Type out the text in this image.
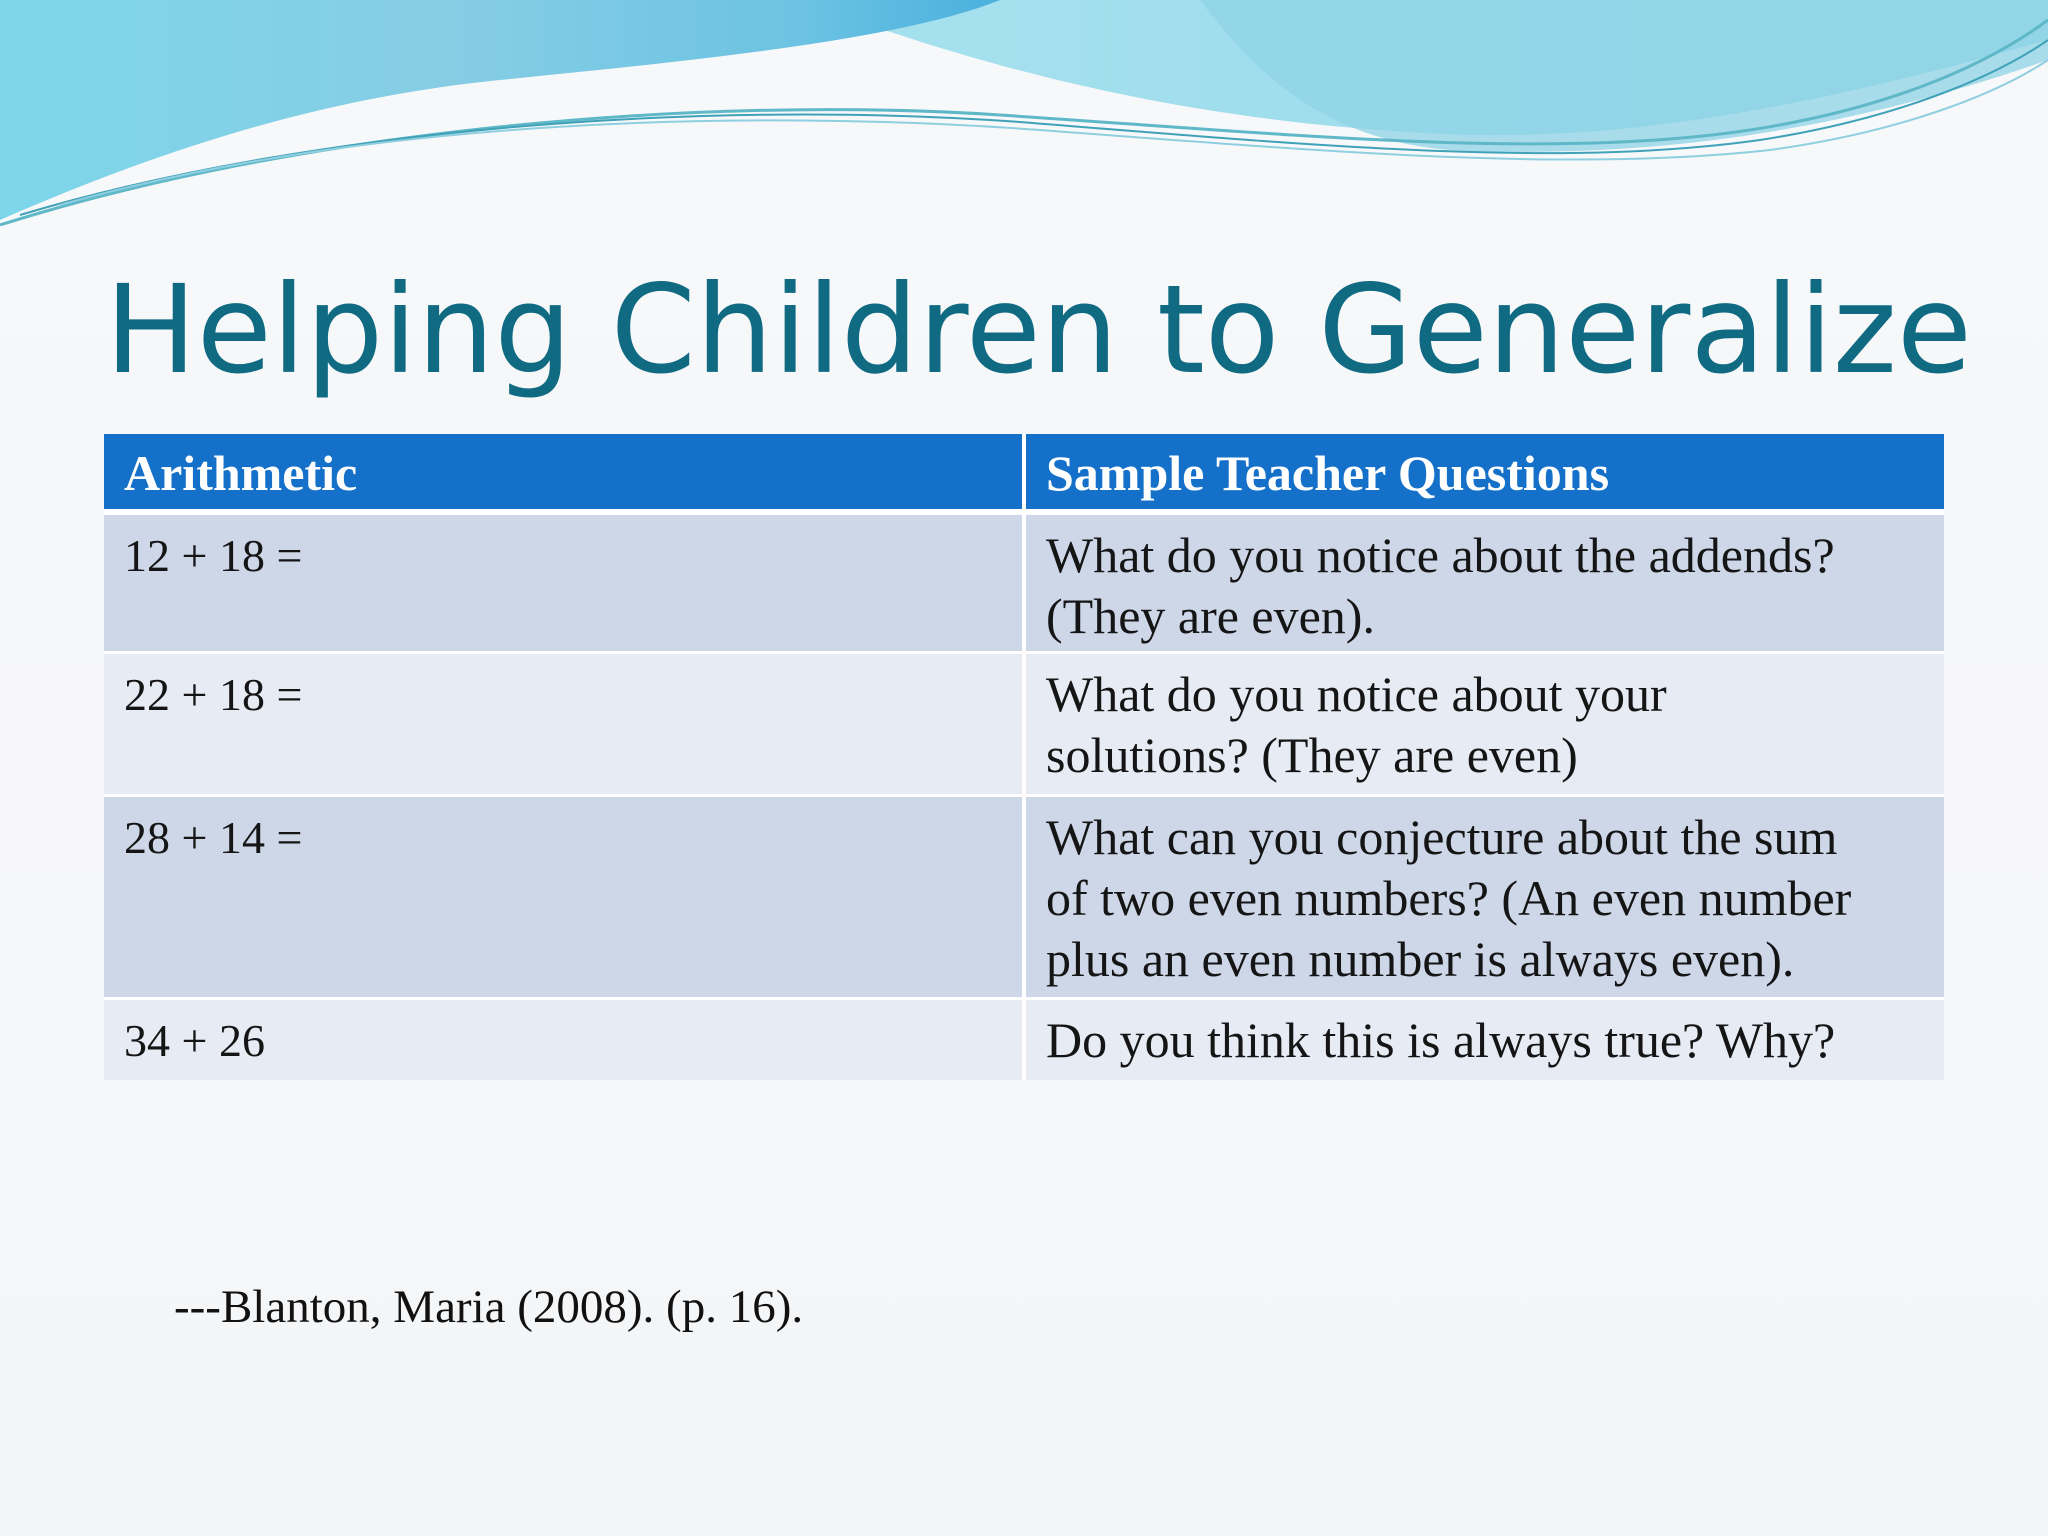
Helping Children to Generalize
Arithmetic	Sample Teacher Questions
12 + 18 =	What do you notice about the addends?
(They are even).

22 + 18 =	What do you notice about your
solutions? (They are even)

28 + 14 =	What can you conjecture about the sum
of two even numbers? (An even number
plus an even number is always even).

34 + 26	Do you think this is always true? Why?
---Blanton, Maria (2008). (p. 16).
